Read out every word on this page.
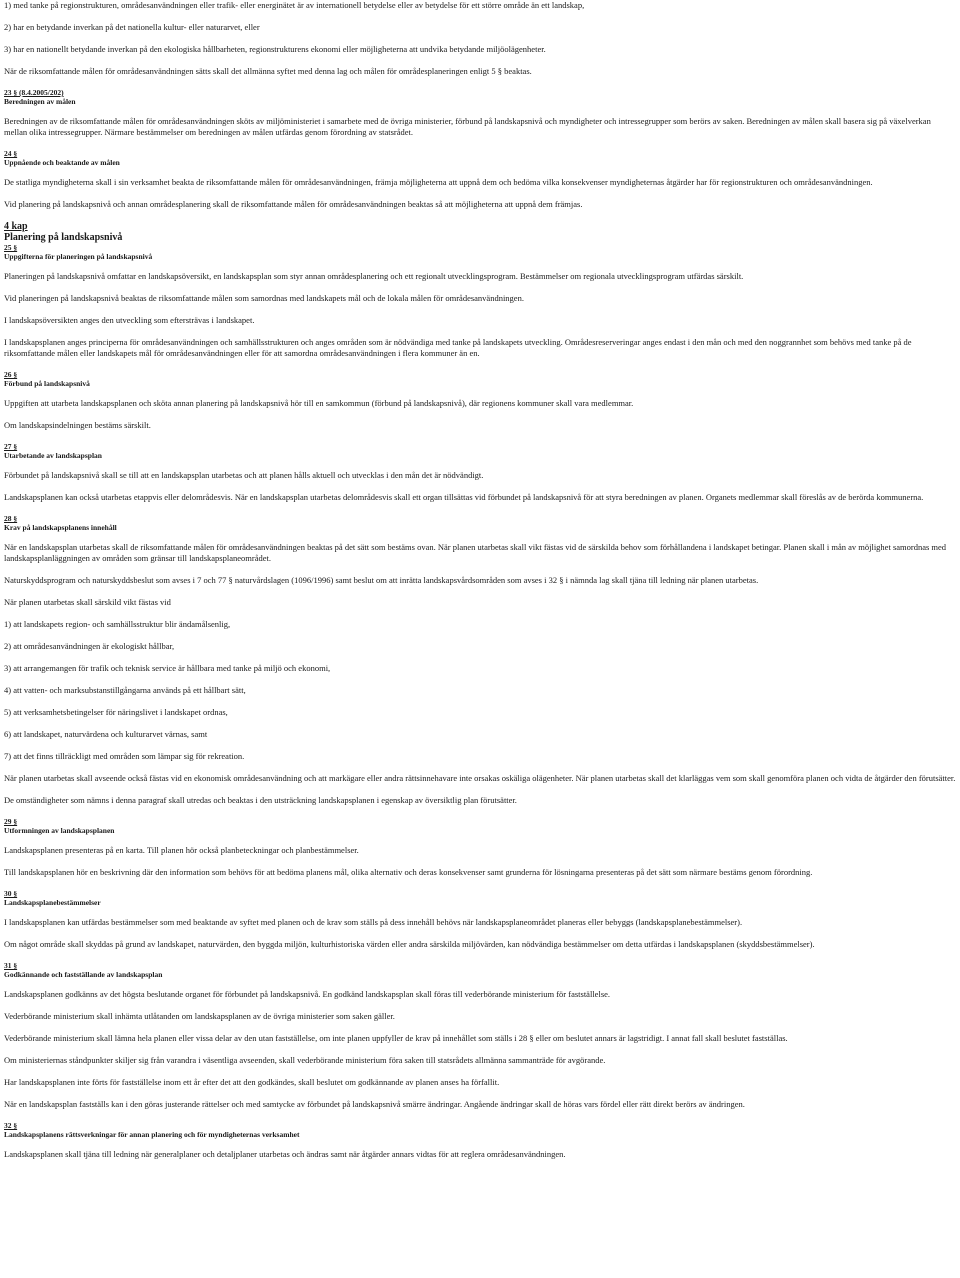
1) med tanke på regionstrukturen, områdesanvändningen eller trafik- eller energinätet är av internationell betydelse eller av betydelse för ett större område än ett landskap,
2) har en betydande inverkan på det nationella kultur- eller naturarvet, eller
3) har en nationellt betydande inverkan på den ekologiska hållbarheten, regionstrukturens ekonomi eller möjligheterna att undvika betydande miljöolägenheter.
När de riksomfattande målen för områdesanvändningen sätts skall det allmänna syftet med denna lag och målen för områdesplaneringen enligt 5 § beaktas.
23 § (8.4.2005/202)
Beredningen av målen
Beredningen av de riksomfattande målen för områdesanvändningen sköts av miljöministeriet i samarbete med de övriga ministerier, förbund på landskapsnivå och myndigheter och intressegrupper som berörs av saken. Beredningen av målen skall basera sig på växelverkan mellan olika intressegrupper. Närmare bestämmelser om beredningen av målen utfärdas genom förordning av statsrådet.
24 §
Uppnående och beaktande av målen
De statliga myndigheterna skall i sin verksamhet beakta de riksomfattande målen för områdesanvändningen, främja möjligheterna att uppnå dem och bedöma vilka konsekvenser myndigheternas åtgärder har för regionstrukturen och områdesanvändningen.
Vid planering på landskapsnivå och annan områdesplanering skall de riksomfattande målen för områdesanvändningen beaktas så att möjligheterna att uppnå dem främjas.
4 kap
Planering på landskapsnivå
25 §
Uppgifterna för planeringen på landskapsnivå
Planeringen på landskapsnivå omfattar en landskapsöversikt, en landskapsplan som styr annan områdesplanering och ett regionalt utvecklingsprogram. Bestämmelser om regionala utvecklingsprogram utfärdas särskilt.
Vid planeringen på landskapsnivå beaktas de riksomfattande målen som samordnas med landskapets mål och de lokala målen för områdesanvändningen.
I landskapsöversikten anges den utveckling som eftersträvas i landskapet.
I landskapsplanen anges principerna för områdesanvändningen och samhällsstrukturen och anges områden som är nödvändiga med tanke på landskapets utveckling. Områdesreserveringar anges endast i den mån och med den noggrannhet som behövs med tanke på de riksomfattande målen eller landskapets mål för områdesanvändningen eller för att samordna områdesanvändningen i flera kommuner än en.
26 §
Förbund på landskapsnivå
Uppgiften att utarbeta landskapsplanen och sköta annan planering på landskapsnivå hör till en samkommun (förbund på landskapsnivå), där regionens kommuner skall vara medlemmar.
Om landskapsindelningen bestäms särskilt.
27 §
Utarbetande av landskapsplan
Förbundet på landskapsnivå skall se till att en landskapsplan utarbetas och att planen hålls aktuell och utvecklas i den mån det är nödvändigt.
Landskapsplanen kan också utarbetas etappvis eller delområdesvis. När en landskapsplan utarbetas delområdesvis skall ett organ tillsättas vid förbundet på landskapsnivå för att styra beredningen av planen. Organets medlemmar skall föreslås av de berörda kommunerna.
28 §
Krav på landskapsplanens innehåll
När en landskapsplan utarbetas skall de riksomfattande målen för områdesanvändningen beaktas på det sätt som bestäms ovan. När planen utarbetas skall vikt fästas vid de särskilda behov som förhållandena i landskapet betingar. Planen skall i mån av möjlighet samordnas med landskapsplanläggningen av områden som gränsar till landskapsplaneområdet.
Naturskyddsprogram och naturskyddsbeslut som avses i 7 och 77 § naturvårdslagen (1096/1996) samt beslut om att inrätta landskapsvårdsområden som avses i 32 § i nämnda lag skall tjäna till ledning när planen utarbetas.
När planen utarbetas skall särskild vikt fästas vid
1) att landskapets region- och samhällsstruktur blir ändamålsenlig,
2) att områdesanvändningen är ekologiskt hållbar,
3) att arrangemangen för trafik och teknisk service är hållbara med tanke på miljö och ekonomi,
4) att vatten- och marksubstanstillgångarna används på ett hållbart sätt,
5) att verksamhetsbetingelser för näringslivet i landskapet ordnas,
6) att landskapet, naturvärdena och kulturarvet värnas, samt
7) att det finns tillräckligt med områden som lämpar sig för rekreation.
När planen utarbetas skall avseende också fästas vid en ekonomisk områdesanvändning och att markägare eller andra rättsinnehavare inte orsakas oskäliga olägenheter. När planen utarbetas skall det klarläggas vem som skall genomföra planen och vidta de åtgärder den förutsätter.
De omständigheter som nämns i denna paragraf skall utredas och beaktas i den utsträckning landskapsplanen i egenskap av översiktlig plan förutsätter.
29 §
Utformningen av landskapsplanen
Landskapsplanen presenteras på en karta. Till planen hör också planbeteckningar och planbestämmelser.
Till landskapsplanen hör en beskrivning där den information som behövs för att bedöma planens mål, olika alternativ och deras konsekvenser samt grunderna för lösningarna presenteras på det sätt som närmare bestäms genom förordning.
30 §
Landskapsplanebestämmelser
I landskapsplanen kan utfärdas bestämmelser som med beaktande av syftet med planen och de krav som ställs på dess innehåll behövs när landskapsplaneområdet planeras eller bebyggs (landskapsplanebestämmelser).
Om något område skall skyddas på grund av landskapet, naturvärden, den byggda miljön, kulturhistoriska värden eller andra särskilda miljövärden, kan nödvändiga bestämmelser om detta utfärdas i landskapsplanen (skyddsbestämmelser).
31 §
Godkännande och fastställande av landskapsplan
Landskapsplanen godkänns av det högsta beslutande organet för förbundet på landskapsnivå. En godkänd landskapsplan skall föras till vederbörande ministerium för fastställelse.
Vederbörande ministerium skall inhämta utlåtanden om landskapsplanen av de övriga ministerier som saken gäller.
Vederbörande ministerium skall lämna hela planen eller vissa delar av den utan fastställelse, om inte planen uppfyller de krav på innehållet som ställs i 28 § eller om beslutet annars är lagstridigt. I annat fall skall beslutet fastställas.
Om ministeriernas ståndpunkter skiljer sig från varandra i väsentliga avseenden, skall vederbörande ministerium föra saken till statsrådets allmänna sammanträde för avgörande.
Har landskapsplanen inte förts för fastställelse inom ett år efter det att den godkändes, skall beslutet om godkännande av planen anses ha förfallit.
När en landskapsplan fastställs kan i den göras justerande rättelser och med samtycke av förbundet på landskapsnivå smärre ändringar. Angående ändringar skall de höras vars fördel eller rätt direkt berörs av ändringen.
32 §
Landskapsplanens rättsverkningar för annan planering och för myndigheternas verksamhet
Landskapsplanen skall tjäna till ledning när generalplaner och detaljplaner utarbetas och ändras samt när åtgärder annars vidtas för att reglera områdesanvändningen.
